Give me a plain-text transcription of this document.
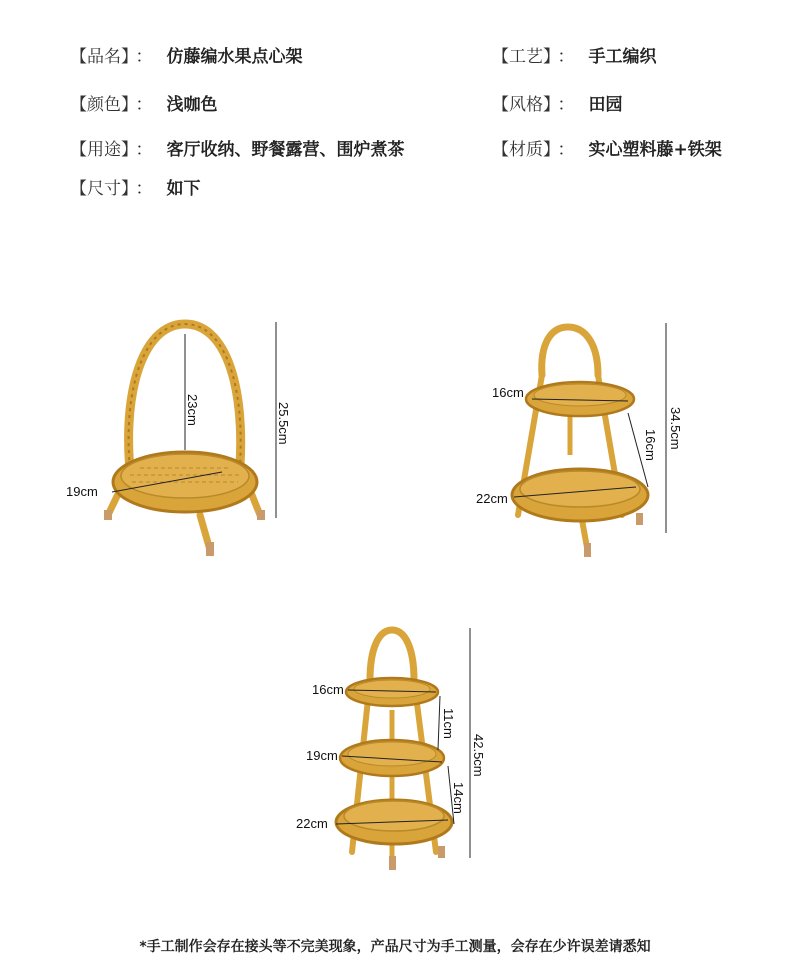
【品名】 ： 仿藤编水果点心架	【工艺】 ： 手工编织
【颜色】 ： 浅咖色	【风格】 ： 田园
【用途】 ： 客厅收纳、野餐露营、围炉煮茶	【材质】 ： 实心塑料藤+铁架
【尺寸】 ： 如下
23cm	25.5cm
19cm
16cm
34.5cm
16cm
22cm
16cm
11cm
42.5cm
19cm
14cm
22cm
*手工制作会存在接头等不完美现象，产品尺寸为手工测量，会存在少许误差请悉知
